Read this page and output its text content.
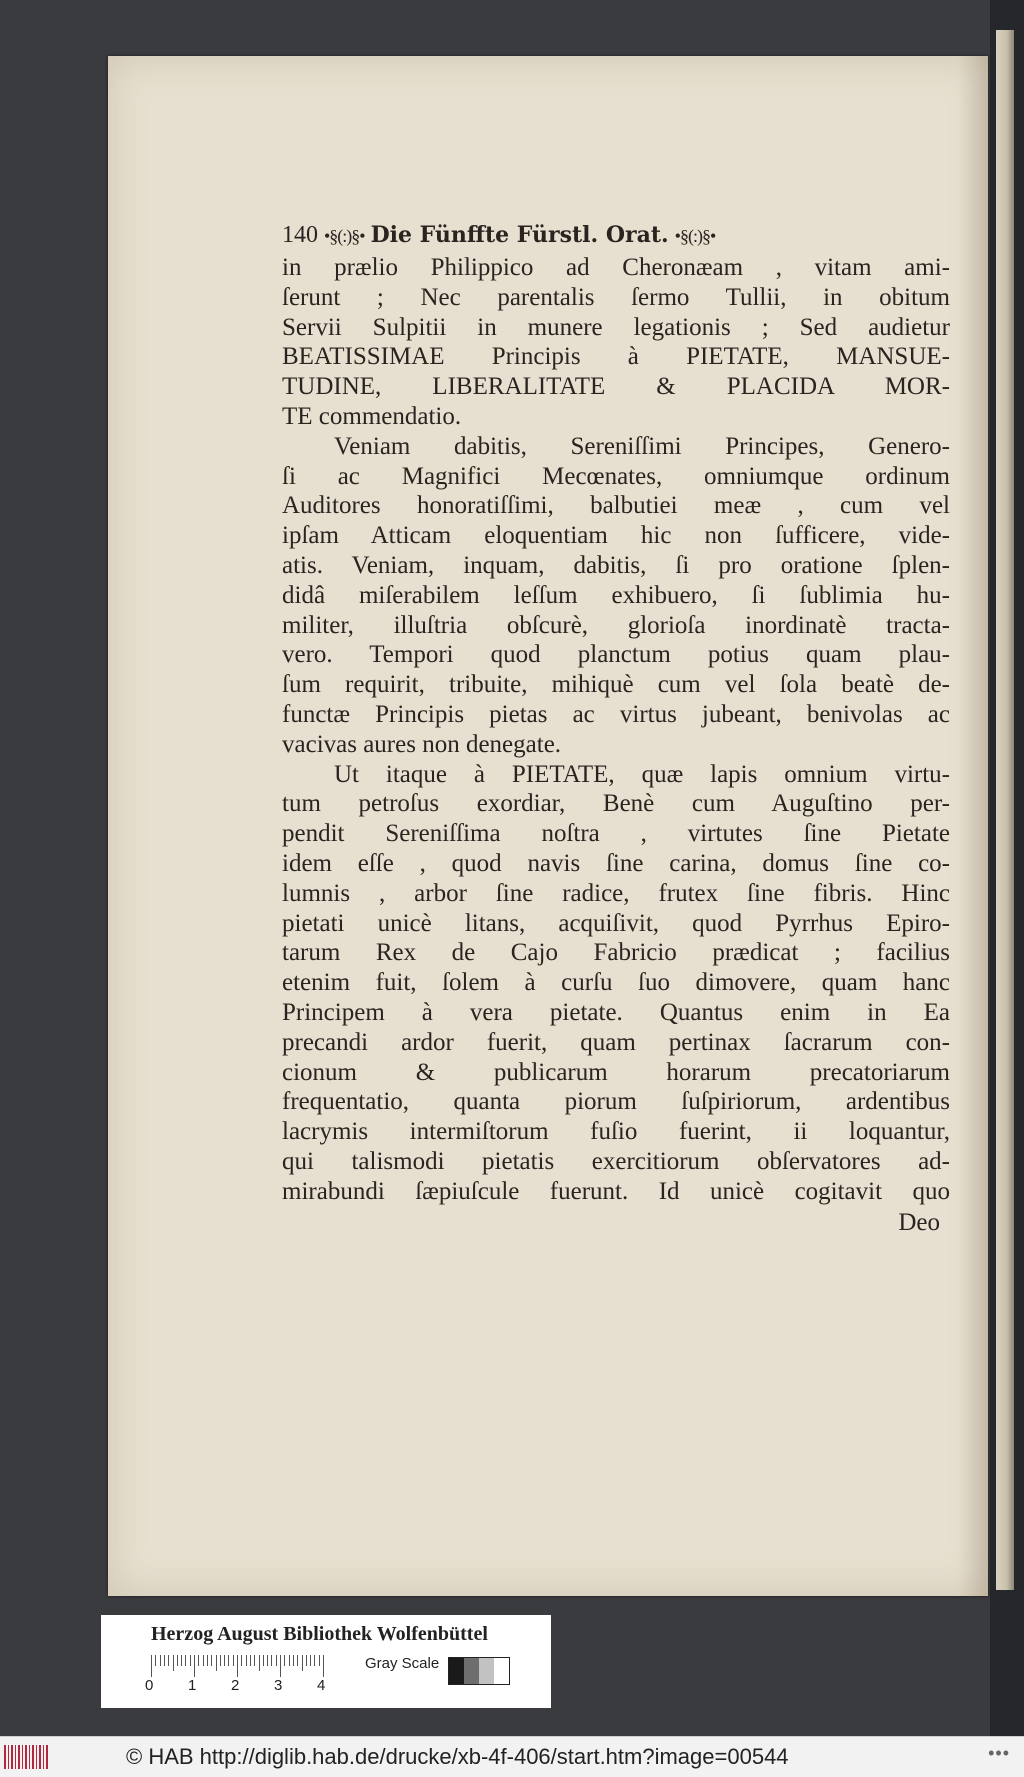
140 •§(:)§• Die Fünffte Fürstl. Orat. •§(:)§•
in prælio Philippico ad Cheronæam , vitam ami-
ſerunt ; Nec parentalis ſermo Tullii, in obitum
Servii Sulpitii in munere legationis ; Sed audietur
BEATISSIMAE Principis à PIETATE, MANSUE-
TUDINE, LIBERALITATE & PLACIDA MOR-
TE commendatio.
Veniam dabitis, Sereniſſimi Principes, Genero-
ſi ac Magnifici Mecœnates, omniumque ordinum
Auditores honoratiſſimi, balbutiei meæ , cum vel
ipſam Atticam eloquentiam hic non ſufficere, vide-
atis. Veniam, inquam, dabitis, ſi pro oratione ſplen-
didâ miſerabilem leſſum exhibuero, ſi ſublimia hu-
militer, illuſtria obſcurè, glorioſa inordinatè tracta-
vero. Tempori quod planctum potius quam plau-
ſum requirit, tribuite, mihiquè cum vel ſola beatè de-
functæ Principis pietas ac virtus jubeant, benivolas ac
vacivas aures non denegate.
Ut itaque à PIETATE, quæ lapis omnium virtu-
tum petroſus exordiar, Benè cum Auguſtino per-
pendit Sereniſſima noſtra , virtutes ſine Pietate
idem eſſe , quod navis ſine carina, domus ſine co-
lumnis , arbor ſine radice, frutex ſine fibris. Hinc
pietati unicè litans, acquiſivit, quod Pyrrhus Epiro-
tarum Rex de Cajo Fabricio prædicat ; facilius
etenim fuit, ſolem à curſu ſuo dimovere, quam hanc
Principem à vera pietate. Quantus enim in Ea
precandi ardor fuerit, quam pertinax ſacrarum con-
cionum & publicarum horarum precatoriarum
frequentatio, quanta piorum ſuſpiriorum, ardentibus
lacrymis intermiſtorum fuſio fuerint, ii loquantur,
qui talismodi pietatis exercitiorum obſervatores ad-
mirabundi ſæpiuſcule fuerunt. Id unicè cogitavit quo
Deo
Herzog August Bibliothek Wolfenbüttel
0 1 2 3 4
Gray Scale
© HAB http://diglib.hab.de/drucke/xb-4f-406/start.htm?image=00544	•••
